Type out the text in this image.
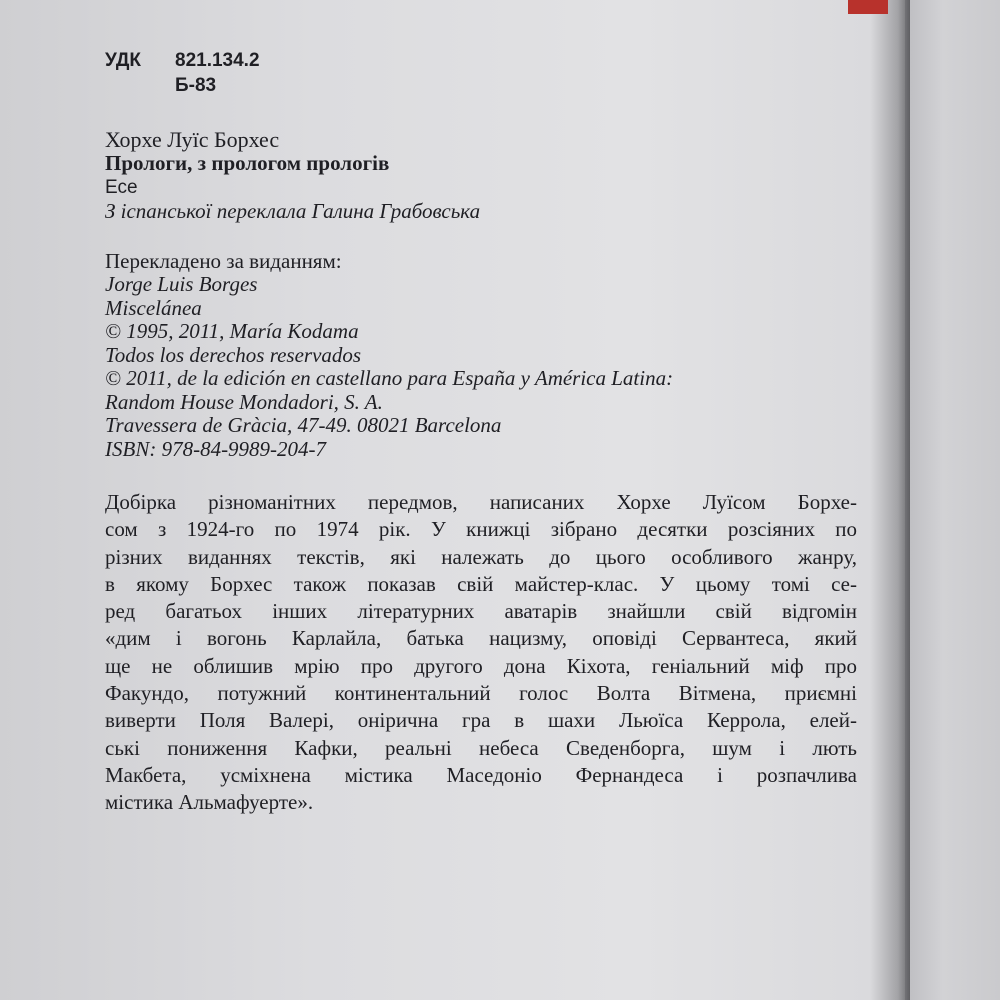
УДК 821.134.2
Б-83
Хорхе Луїс Борхес
Прологи, з прологом прологів
Есе
З іспанської переклала Галина Грабовська
Перекладено за виданням:
Jorge Luis Borges
Miscelánea
© 1995, 2011, María Kodama
Todos los derechos reservados
© 2011, de la edición en castellano para España y América Latina:
Random House Mondadori, S. A.
Travessera de Gràcia, 47-49. 08021 Barcelona
ISBN: 978-84-9989-204-7
Добірка різноманітних передмов, написаних Хорхе Луїсом Борхе-
сом з 1924-го по 1974 рік. У книжці зібрано десятки розсіяних по
різних виданнях текстів, які належать до цього особливого жанру,
в якому Борхес також показав свій майстер-клас. У цьому томі се-
ред багатьох інших літературних аватарів знайшли свій відгомін
«дим і вогонь Карлайла, батька нацизму, оповіді Сервантеса, який
ще не облишив мрію про другого дона Кіхота, геніальний міф про
Факундо, потужний континентальний голос Волта Вітмена, приємні
виверти Поля Валері, онірична гра в шахи Льюїса Керрола, елей-
ські пониження Кафки, реальні небеса Сведенборга, шум і лють
Макбета, усміхнена містика Маседоніо Фернандеса і розпачлива
містика Альмафуерте».
